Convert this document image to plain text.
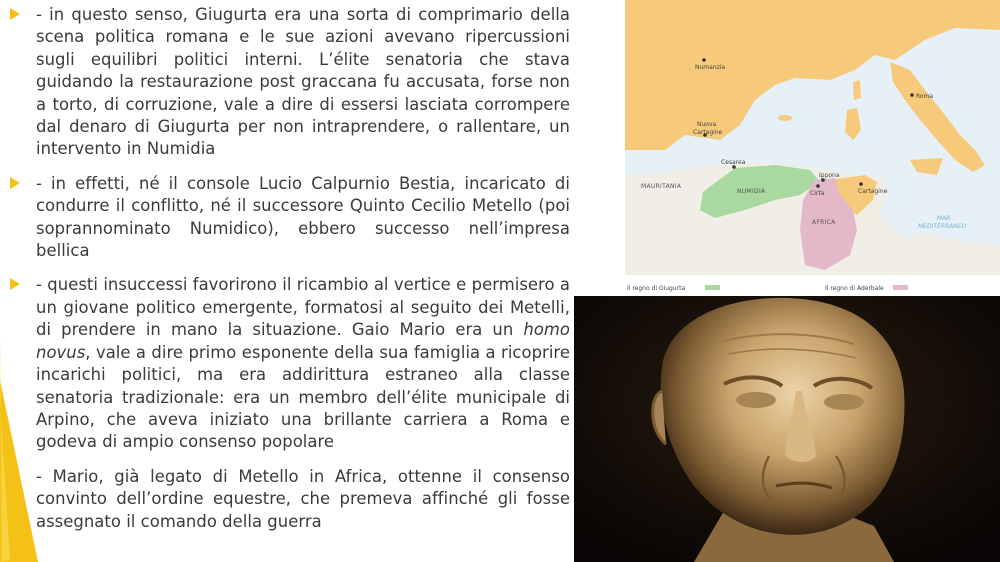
- in questo senso, Giugurta era una sorta di comprimario della scena politica romana e le sue azioni avevano ripercussioni sugli equilibri politici interni. L’élite senatoria che stava guidando la restaurazione post graccana fu accusata, forse non a torto, di corruzione, vale a dire di essersi lasciata corrompere dal denaro di Giugurta per non intraprendere, o rallentare, un intervento in Numidia

- in effetti, né il console Lucio Calpurnio Bestia, incaricato di condurre il conflitto, né il successore Quinto Cecilio Metello (poi soprannominato Numidico), ebbero successo nell’impresa bellica

- questi insuccessi favorirono il ricambio al vertice e permisero a un giovane politico emergente, formatosi al seguito dei Metelli, di prendere in mano la situazione. Gaio Mario era un homo novus, vale a dire primo esponente della sua famiglia a ricoprire incarichi politici, ma era addirittura estraneo alla classe senatoria tradizionale: era un membro dell’élite municipale di Arpino, che aveva iniziato una brillante carriera a Roma e godeva di ampio consenso popolare

- Mario, già legato di Metello in Africa, ottenne il consenso convinto dell’ordine equestre, che premeva affinché gli fosse assegnato il comando della guerra

Numanzia
Roma
Nuova
Cartagine
Cesarea
Ippona
Cirta	Cartagine
MAURITANIA
NUMIDIA
AFRICA
MAR
MEDITERRANEO
Il regno di Giugurta	Il regno di Aderbale
